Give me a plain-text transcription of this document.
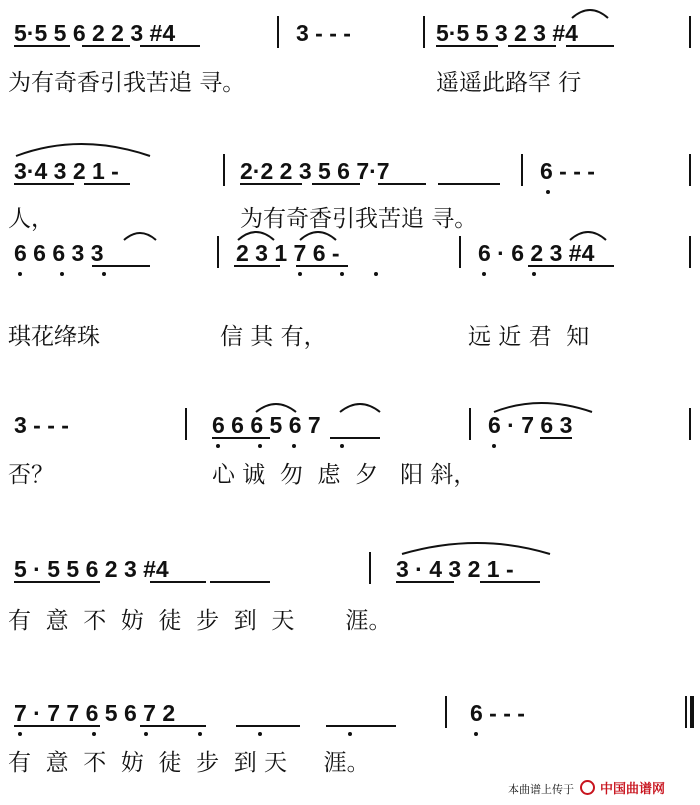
5·5 5 6 2 2 3 #4	3 - - -	5·5 5 3 2 3 #4
为有奇香引我苦追 寻。	遥遥此路罕 行
3·4 3 2 1 -	2·2 2 3 5 6 7·7	6 - - -
人，	为有奇香引我苦追 寻。
6 6 6 3 3	2 3 1 7 6 -	6 · 6 2 3 #4
琪花绛珠	信 其 有，	远 近 君  知
3 - - -	6 6 6 5 6 7	6 · 7 6 3
否？	心 诚  勿  虑  夕   阳 斜，
5 · 5 5 6 2 3 #4	3 · 4 3 2 1 -
有  意  不  妨  徒  步  到  天       涯。
7 · 7 7 6 5 6 7 2	6 - - -
有  意  不  妨  徒  步  到 天     涯。
本曲谱上传于 中国曲谱网
